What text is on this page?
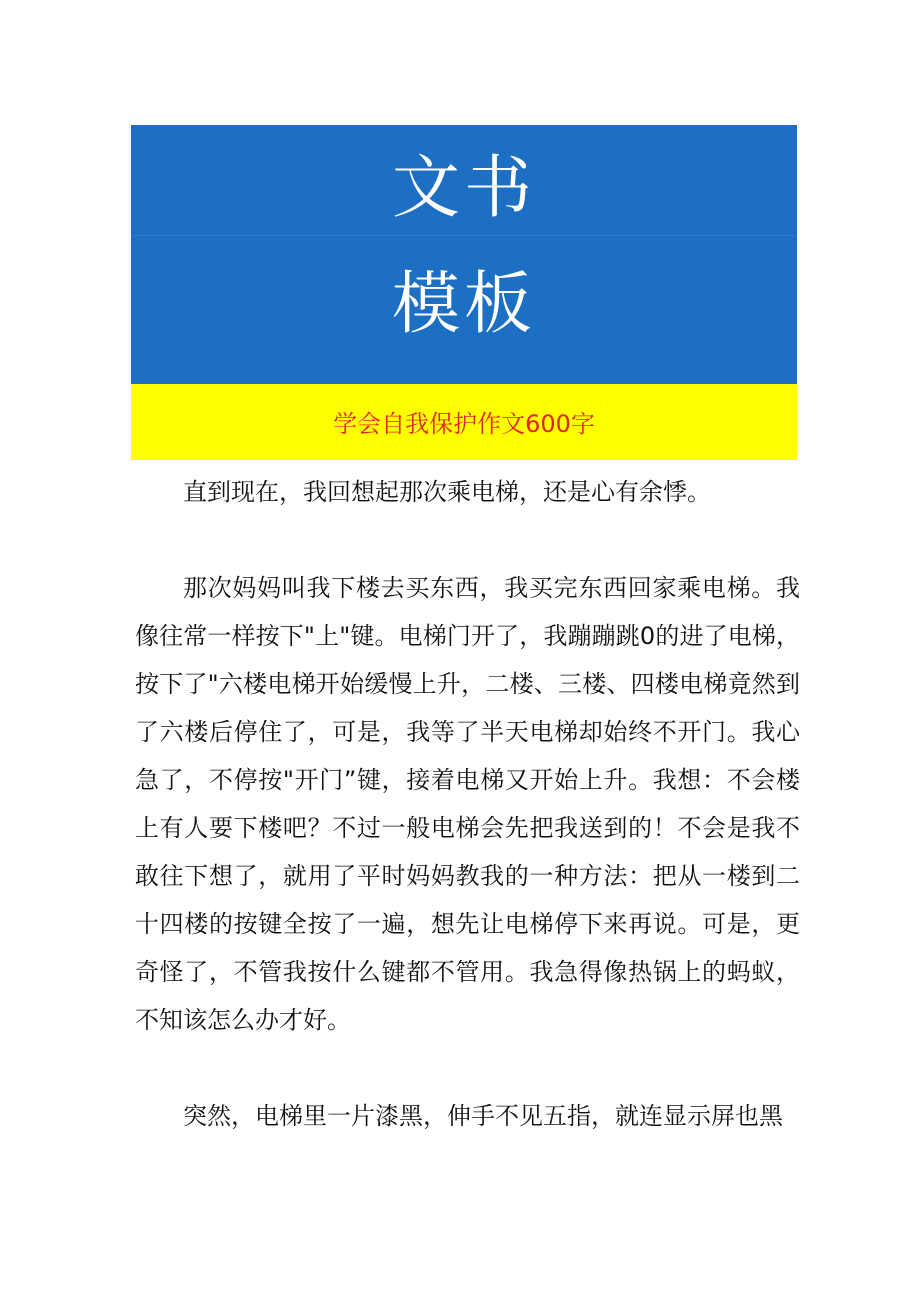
文书
模板
学会自我保护作文600字

直到现在，我回想起那次乘电梯，还是心有余悸。

那次妈妈叫我下楼去买东西，我买完东西回家乘电梯。我像往常一样按下"上"键。电梯门开了，我蹦蹦跳0的进了电梯，按下了"六楼电梯开始缓慢上升，二楼、三楼、四楼电梯竟然到了六楼后停住了，可是，我等了半天电梯却始终不开门。我心急了，不停按"开门”键，接着电梯又开始上升。我想：不会楼上有人要下楼吧？不过一般电梯会先把我送到的！不会是我不敢往下想了，就用了平时妈妈教我的一种方法：把从一楼到二十四楼的按键全按了一遍，想先让电梯停下来再说。可是，更奇怪了，不管我按什么键都不管用。我急得像热锅上的蚂蚁，不知该怎么办才好。

突然，电梯里一片漆黑，伸手不见五指，就连显示屏也黑
